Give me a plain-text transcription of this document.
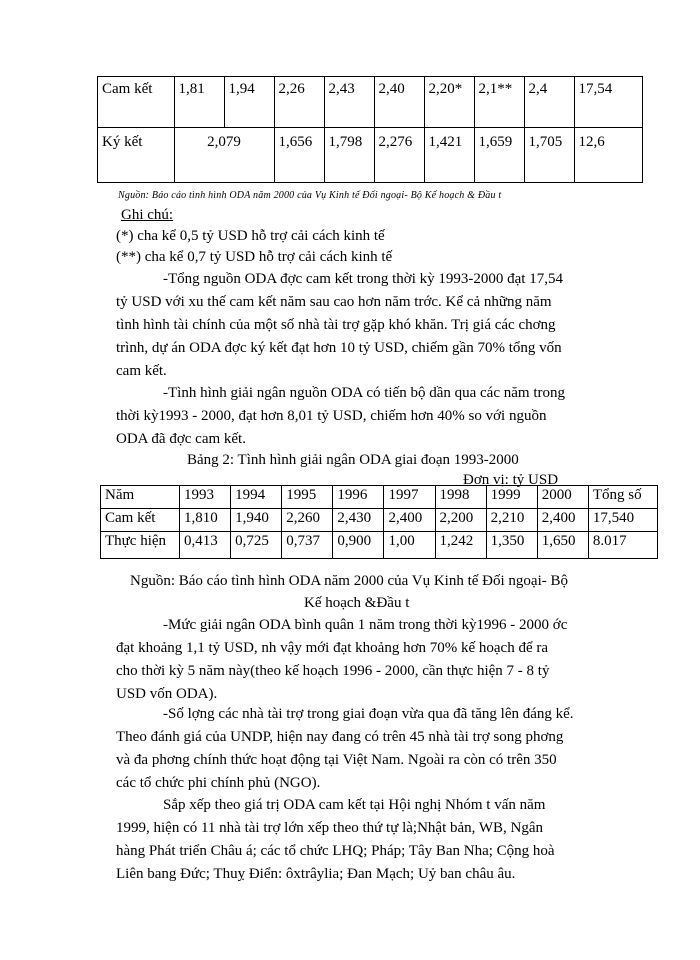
Cam kết	1,81	1,94	2,26	2,43	2,40	2,20*	2,1**	2,4	17,54
Ký kết	2,079		1,656	1,798	2,276	1,421	1,659	1,705	12,6
Nguồn: Báo cáo tình hình ODA năm 2000 của Vụ Kinh tế Đối ngoại- Bộ Kế hoạch & Đầu t
Ghi chú:
(*) cha kể 0,5 tỷ USD hỗ trợ cải cách kinh tế
(**) cha kể 0,7 tỷ USD hỗ trợ cải cách kinh tế
-Tổng nguồn ODA đợc cam kết trong thời kỳ 1993-2000 đạt 17,54
tỷ USD với xu thế cam kết năm sau cao hơn năm trớc. Kể cả những năm
tình hình tài chính của một số nhà tài trợ gặp khó khăn. Trị giá các chơng
trình, dự án ODA đợc ký kết đạt hơn 10 tỷ USD, chiếm gần 70% tổng vốn
cam kết.
-Tình hình giải ngân nguồn ODA có tiến bộ dần qua các năm trong
thời kỳ1993 - 2000, đạt hơn 8,01 tỷ USD, chiếm hơn 40% so với nguồn
ODA đã đợc cam kết.
Bảng 2: Tình hình giải ngân ODA giai đoạn 1993-2000
Đơn vị: tỷ USD
Năm	1993	1994	1995	1996	1997	1998	1999	2000	Tổng số
Cam kết	1,810	1,940	2,260	2,430	2,400	2,200	2,210	2,400	17,540
Thực hiện	0,413	0,725	0,737	0,900	1,00	1,242	1,350	1,650	8.017
Nguồn: Báo cáo tình hình ODA năm 2000 của Vụ Kinh tế Đối ngoại- Bộ
Kế hoạch &Đầu t
-Mức giải ngân ODA bình quân 1 năm trong thời kỳ1996 - 2000 ớc
đạt khoảng 1,1 tỷ USD, nh vậy mới đạt khoảng hơn 70% kế hoạch để ra
cho thời kỳ 5 năm này(theo kế hoạch 1996 - 2000, cần thực hiện 7 - 8 tỷ
USD vốn ODA).
-Số lợng các nhà tài trợ trong giai đoạn vừa qua đã tăng lên đáng kể.
Theo đánh giá của UNDP, hiện nay đang có trên 45 nhà tài trợ song phơng
và đa phơng chính thức hoạt động tại Việt Nam. Ngoài ra còn có trên 350
các tổ chức phi chính phủ (NGO).
Sắp xếp theo giá trị ODA cam kết tại Hội nghị Nhóm t vấn năm
1999, hiện có 11 nhà tài trợ lớn xếp theo thứ tự là;Nhật bản, WB, Ngân
hàng Phát triển Châu á; các tổ chức LHQ; Pháp; Tây Ban Nha; Cộng hoà
Liên bang Đức; Thuỵ Điển: ôxtrâylia; Đan Mạch; Uỷ ban châu âu.
